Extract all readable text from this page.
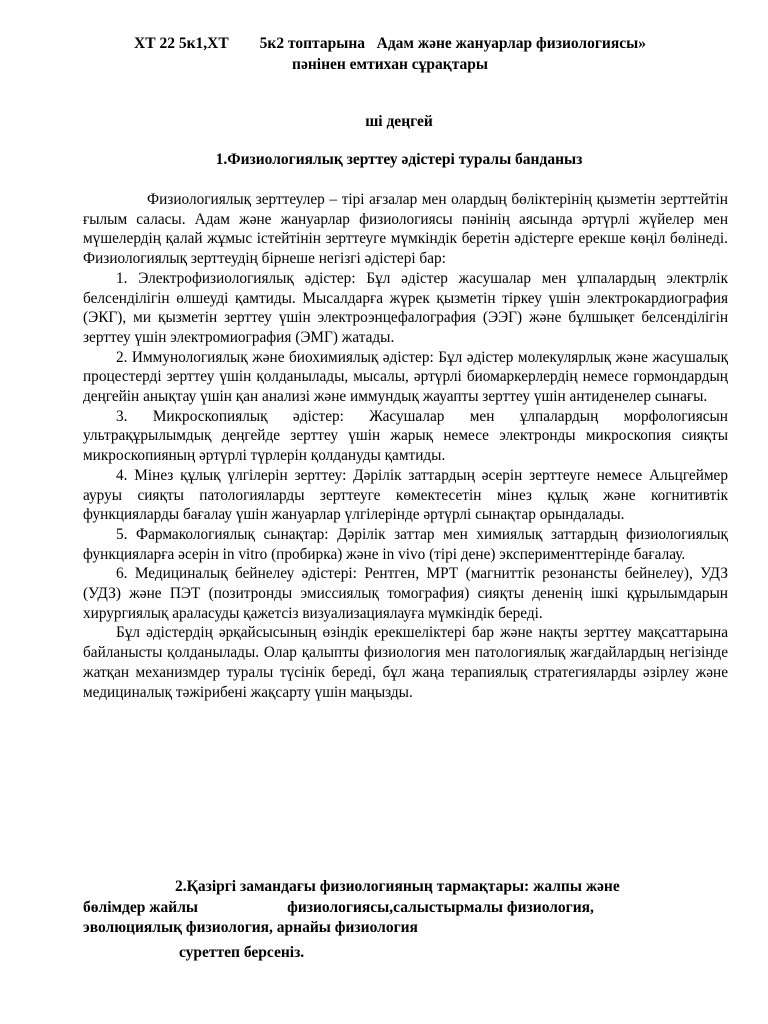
ХТ 22 5к1,ХТ        5к2 топтарына   Адам және жануарлар физиологиясы»
пәнінен емтихан сұрақтары
ші деңгей
1.Физиологиялық зерттеу әдістері туралы банданыз

Физиологиялық зерттеулер – тірі ағзалар мен олардың бөліктерінің қызметін зерттейтін ғылым саласы. Адам және жануарлар физиологиясы пәнінің аясында әртүрлі жүйелер мен мүшелердің қалай жұмыс істейтінін зерттеуге мүмкіндік беретін әдістерге ерекше көңіл бөлінеді. Физиологиялық зерттеудің бірнеше негізгі әдістері бар:

1. Электрофизиологиялық әдістер: Бұл әдістер жасушалар мен ұлпалардың электрлік белсенділігін өлшеуді қамтиды. Мысалдарға жүрек қызметін тіркеу үшін электрокардиография (ЭКГ), ми қызметін зерттеу үшін электроэнцефалография (ЭЭГ) және бұлшықет белсенділігін зерттеу үшін электромиография (ЭМГ) жатады.

2. Иммунологиялық және биохимиялық әдістер: Бұл әдістер молекулярлық және жасушалық процестерді зерттеу үшін қолданылады, мысалы, әртүрлі биомаркерлердің немесе гормондардың деңгейін анықтау үшін қан анализі және иммундық жауапты зерттеу үшін антиденелер сынағы.

3. Микроскопиялық әдістер: Жасушалар мен ұлпалардың морфологиясын ультрақұрылымдық деңгейде зерттеу үшін жарық немесе электронды микроскопия сияқты микроскопияның әртүрлі түрлерін қолдануды қамтиды.

4. Мінез құлық үлгілерін зерттеу: Дәрілік заттардың әсерін зерттеуге немесе Альцгеймер ауруы сияқты патологияларды зерттеуге көмектесетін мінез құлық және когнитивтік функцияларды бағалау үшін жануарлар үлгілерінде әртүрлі сынақтар орындалады.

5. Фармакологиялық сынақтар: Дәрілік заттар мен химиялық заттардың физиологиялық функцияларға әсерін in vitro (пробирка) және in vivo (тірі дене) эксперименттерінде бағалау.

6. Медициналық бейнелеу әдістері: Рентген, МРТ (магниттік резонансты бейнелеу), УДЗ (УДЗ) және ПЭТ (позитронды эмиссиялық томография) сияқты дененің ішкі құрылымдарын хирургиялық араласуды қажетсіз визуализациялауға мүмкіндік береді.

Бұл әдістердің әрқайсысының өзіндік ерекшеліктері бар және нақты зерттеу мақсаттарына байланысты қолданылады. Олар қалыпты физиология мен патологиялық жағдайлардың негізінде жатқан механизмдер туралы түсінік береді, бұл жаңа терапиялық стратегияларды әзірлеу және медициналық тәжірибені жақсарту үшін маңызды.

2.Қазіргі замандағы физиологияның тармақтары: жалпы және
бөлімдер жайлы                       физиологиясы,салыстырмалы физиология,
эволюциялық физиология, арнайы физиология
суреттеп берсеніз.
